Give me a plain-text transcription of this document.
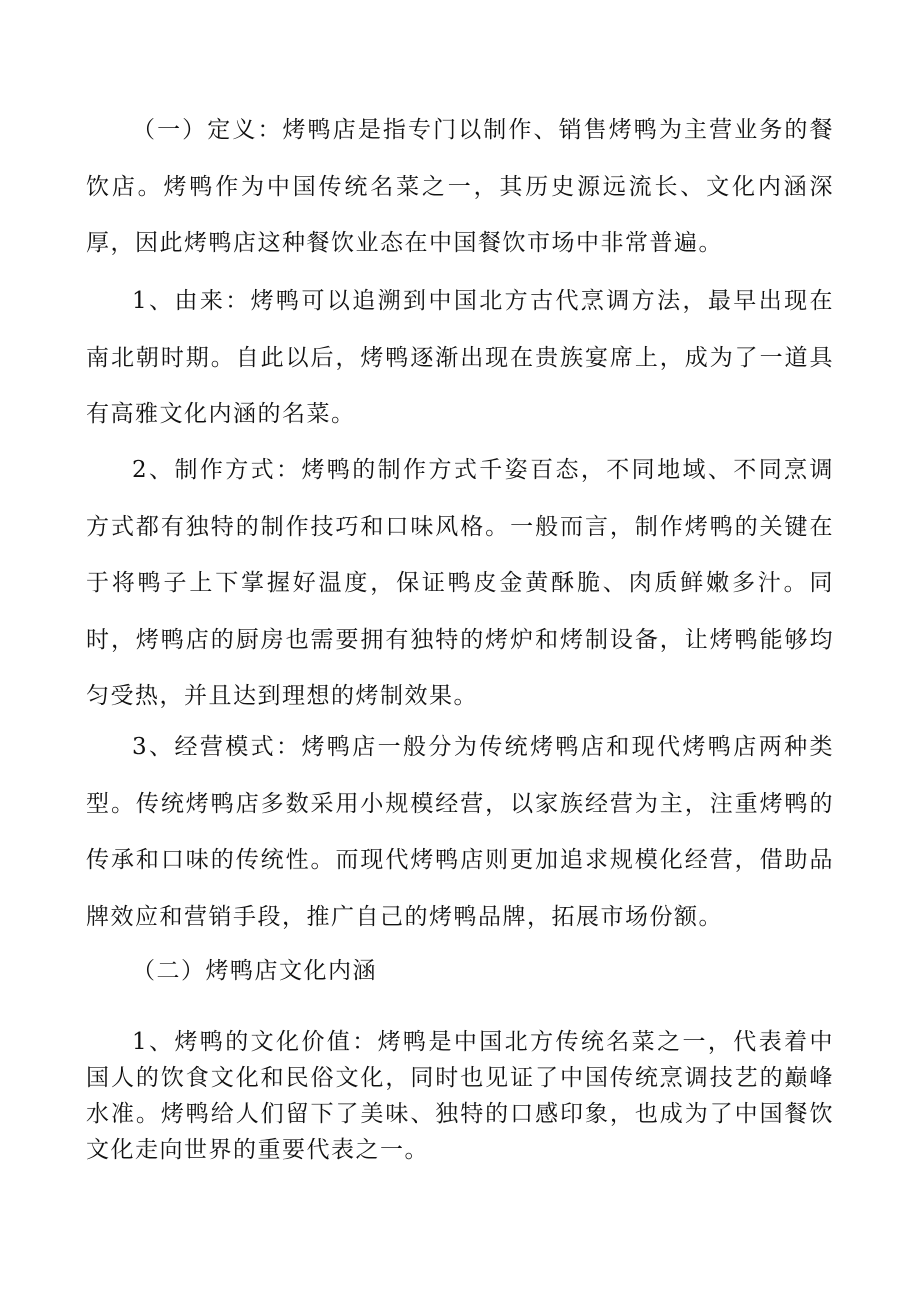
（一）定义：烤鸭店是指专门以制作、销售烤鸭为主营业务的餐饮店。烤鸭作为中国传统名菜之一，其历史源远流长、文化内涵深厚，因此烤鸭店这种餐饮业态在中国餐饮市场中非常普遍。

1、由来：烤鸭可以追溯到中国北方古代烹调方法，最早出现在南北朝时期。自此以后，烤鸭逐渐出现在贵族宴席上，成为了一道具有高雅文化内涵的名菜。

2、制作方式：烤鸭的制作方式千姿百态，不同地域、不同烹调方式都有独特的制作技巧和口味风格。一般而言，制作烤鸭的关键在于将鸭子上下掌握好温度，保证鸭皮金黄酥脆、肉质鲜嫩多汁。同时，烤鸭店的厨房也需要拥有独特的烤炉和烤制设备，让烤鸭能够均匀受热，并且达到理想的烤制效果。

3、经营模式：烤鸭店一般分为传统烤鸭店和现代烤鸭店两种类型。传统烤鸭店多数采用小规模经营，以家族经营为主，注重烤鸭的传承和口味的传统性。而现代烤鸭店则更加追求规模化经营，借助品牌效应和营销手段，推广自己的烤鸭品牌，拓展市场份额。

（二）烤鸭店文化内涵

1、烤鸭的文化价值：烤鸭是中国北方传统名菜之一，代表着中国人的饮食文化和民俗文化，同时也见证了中国传统烹调技艺的巅峰水准。烤鸭给人们留下了美味、独特的口感印象，也成为了中国餐饮文化走向世界的重要代表之一。
